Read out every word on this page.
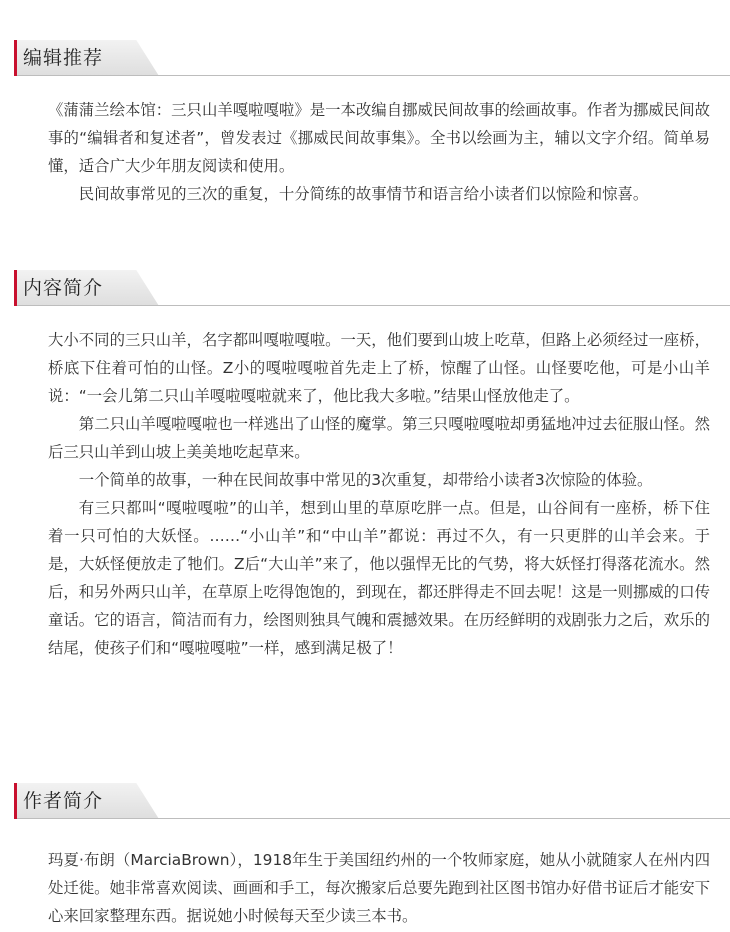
编辑推荐

《蒲蒲兰绘本馆：三只山羊嘎啦嘎啦》是一本改编自挪威民间故事的绘画故事。作者为挪威民间故事的“编辑者和复述者”，曾发表过《挪威民间故事集》。全书以绘画为主，辅以文字介绍。简单易懂，适合广大少年朋友阅读和使用。

民间故事常见的三次的重复，十分简练的故事情节和语言给小读者们以惊险和惊喜。

内容简介

大小不同的三只山羊，名字都叫嘎啦嘎啦。一天，他们要到山坡上吃草，但路上必须经过一座桥，桥底下住着可怕的山怪。Z小的嘎啦嘎啦首先走上了桥，惊醒了山怪。山怪要吃他，可是小山羊说：“一会儿第二只山羊嘎啦嘎啦就来了，他比我大多啦。”结果山怪放他走了。

第二只山羊嘎啦嘎啦也一样逃出了山怪的魔掌。第三只嘎啦嘎啦却勇猛地冲过去征服山怪。然后三只山羊到山坡上美美地吃起草来。

一个简单的故事，一种在民间故事中常见的3次重复，却带给小读者3次惊险的体验。

有三只都叫“嘎啦嘎啦”的山羊，想到山里的草原吃胖一点。但是，山谷间有一座桥，桥下住着一只可怕的大妖怪。……“小山羊”和“中山羊”都说：再过不久，有一只更胖的山羊会来。于是，大妖怪便放走了牠们。Z后“大山羊”来了，他以强悍无比的气势，将大妖怪打得落花流水。然后，和另外两只山羊，在草原上吃得饱饱的，到现在，都还胖得走不回去呢！这是一则挪威的口传童话。它的语言，简洁而有力，绘图则独具气魄和震撼效果。在历经鲜明的戏剧张力之后，欢乐的结尾，使孩子们和“嘎啦嘎啦”一样，感到满足极了！

作者简介

玛夏·布朗（MarciaBrown），1918年生于美国纽约州的一个牧师家庭，她从小就随家人在州内四处迁徙。她非常喜欢阅读、画画和手工，每次搬家后总要先跑到社区图书馆办好借书证后才能安下心来回家整理东西。据说她小时候每天至少读三本书。
